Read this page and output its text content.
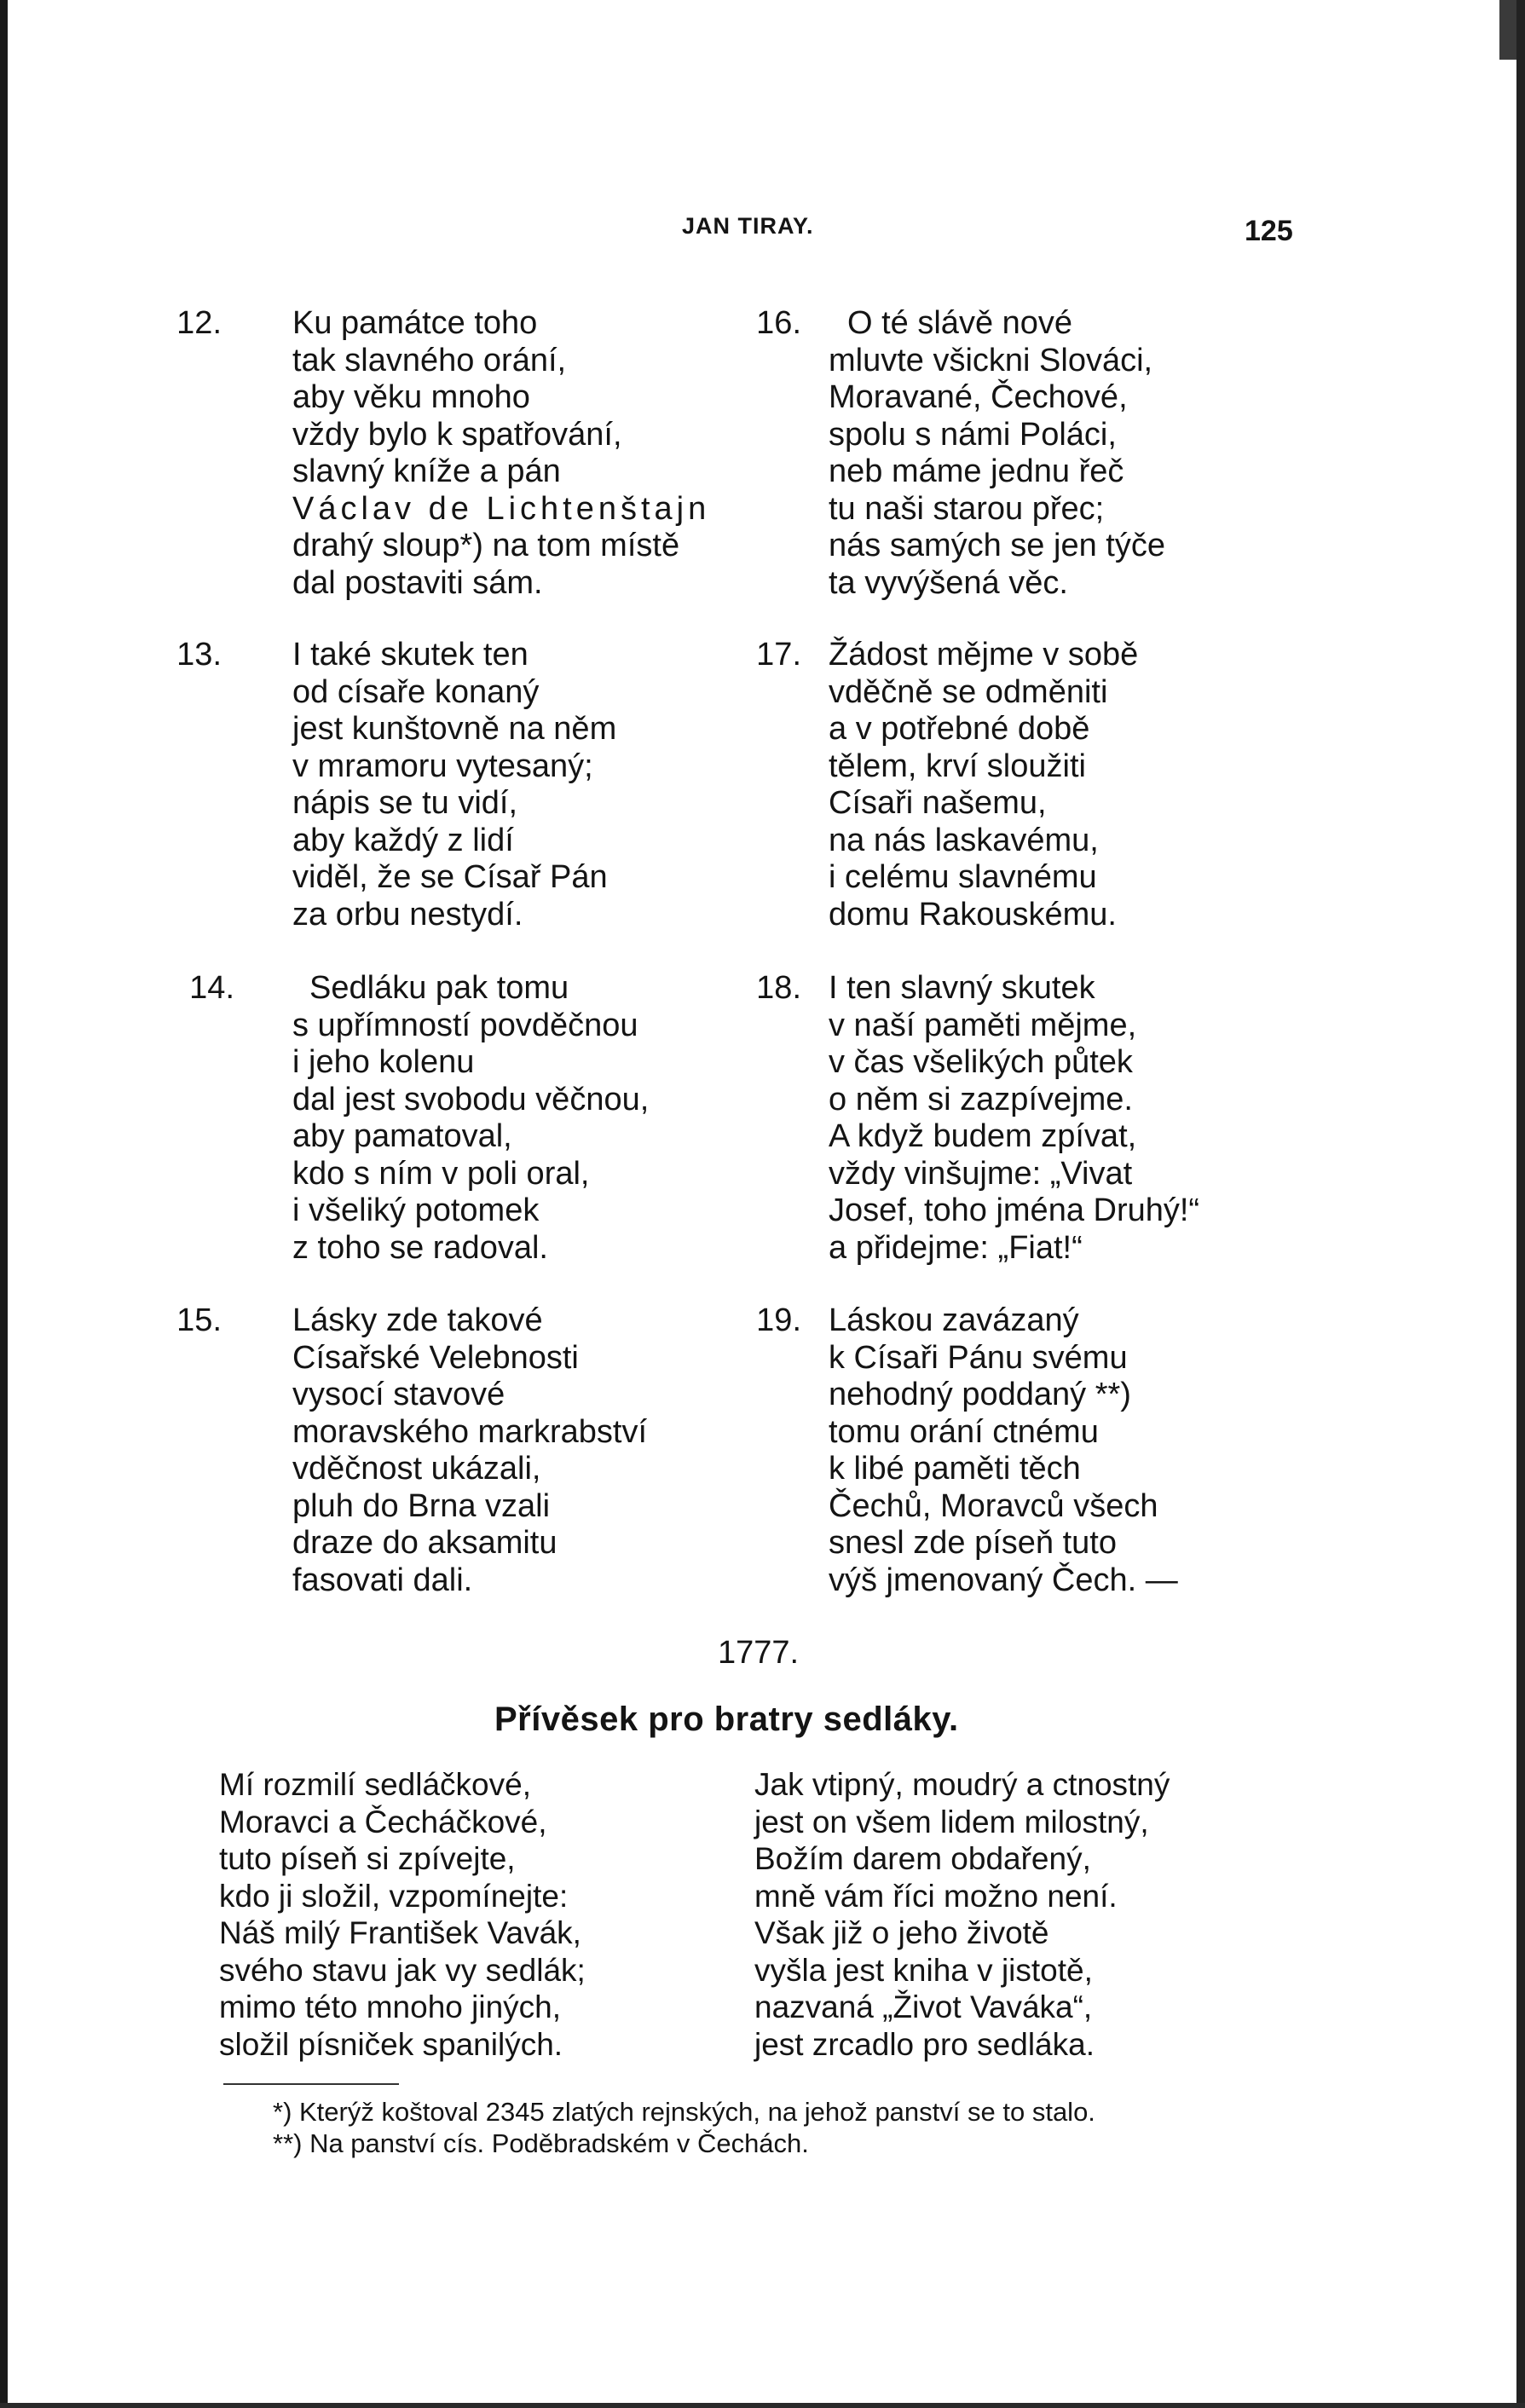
JAN TIRAY.	125
12. Ku památce toho
tak slavného orání,
aby věku mnoho
vždy bylo k spatřování,
slavný kníže a pán
Václav de Lichtenštajn
drahý sloup*) na tom místě
dal postaviti sám.
13. I také skutek ten
od císaře konaný
jest kunštovně na něm
v mramoru vytesaný;
nápis se tu vidí,
aby každý z lidí
viděl, že se Císař Pán
za orbu nestydí.
14.	Sedláku pak tomu
s upřímností povděčnou
i jeho kolenu
dal jest svobodu věčnou,
aby pamatoval,
kdo s ním v poli oral,
i všeliký potomek
z toho se radoval.
15. Lásky zde takové
Císařské Velebnosti
vysocí stavové
moravského markrabství
vděčnost ukázali,
pluh do Brna vzali
draze do aksamitu
fasovati dali.
16.	O té slávě nové
mluvte všickni Slováci,
Moravané, Čechové,
spolu s námi Poláci,
neb máme jednu řeč
tu naši starou přec;
nás samých se jen týče
ta vyvýšená věc.
17. Žádost mějme v sobě
vděčně se odměniti
a v potřebné době
tělem, krví sloužiti
Císaři našemu,
na nás laskavému,
i celému slavnému
domu Rakouskému.
18. I ten slavný skutek
v naší paměti mějme,
v čas všelikých půtek
o něm si zazpívejme.
A když budem zpívat,
vždy vinšujme: „Vivat
Josef, toho jména Druhý!“
a přidejme: „Fiat!“
19. Láskou zavázaný
k Císaři Pánu svému
nehodný poddaný **)
tomu orání ctnému
k libé paměti těch
Čechů, Moravců všech
snesl zde píseň tuto
výš jmenovaný Čech. —
1777.
Přívěsek pro bratry sedláky.
Mí rozmilí sedláčkové,
Moravci a Čecháčkové,
tuto píseň si zpívejte,
kdo ji složil, vzpomínejte:
Náš milý František Vavák,
svého stavu jak vy sedlák;
mimo této mnoho jiných,
složil písniček spanilých.
Jak vtipný, moudrý a ctnostný
jest on všem lidem milostný,
Božím darem obdařený,
mně vám říci možno není.
Však již o jeho životě
vyšla jest kniha v jistotě,
nazvaná „Život Vaváka“,
jest zrcadlo pro sedláka.
*) Kterýž koštoval 2345 zlatých rejnských, na jehož panství se to stalo.
**) Na panství cís. Poděbradském v Čechách.
